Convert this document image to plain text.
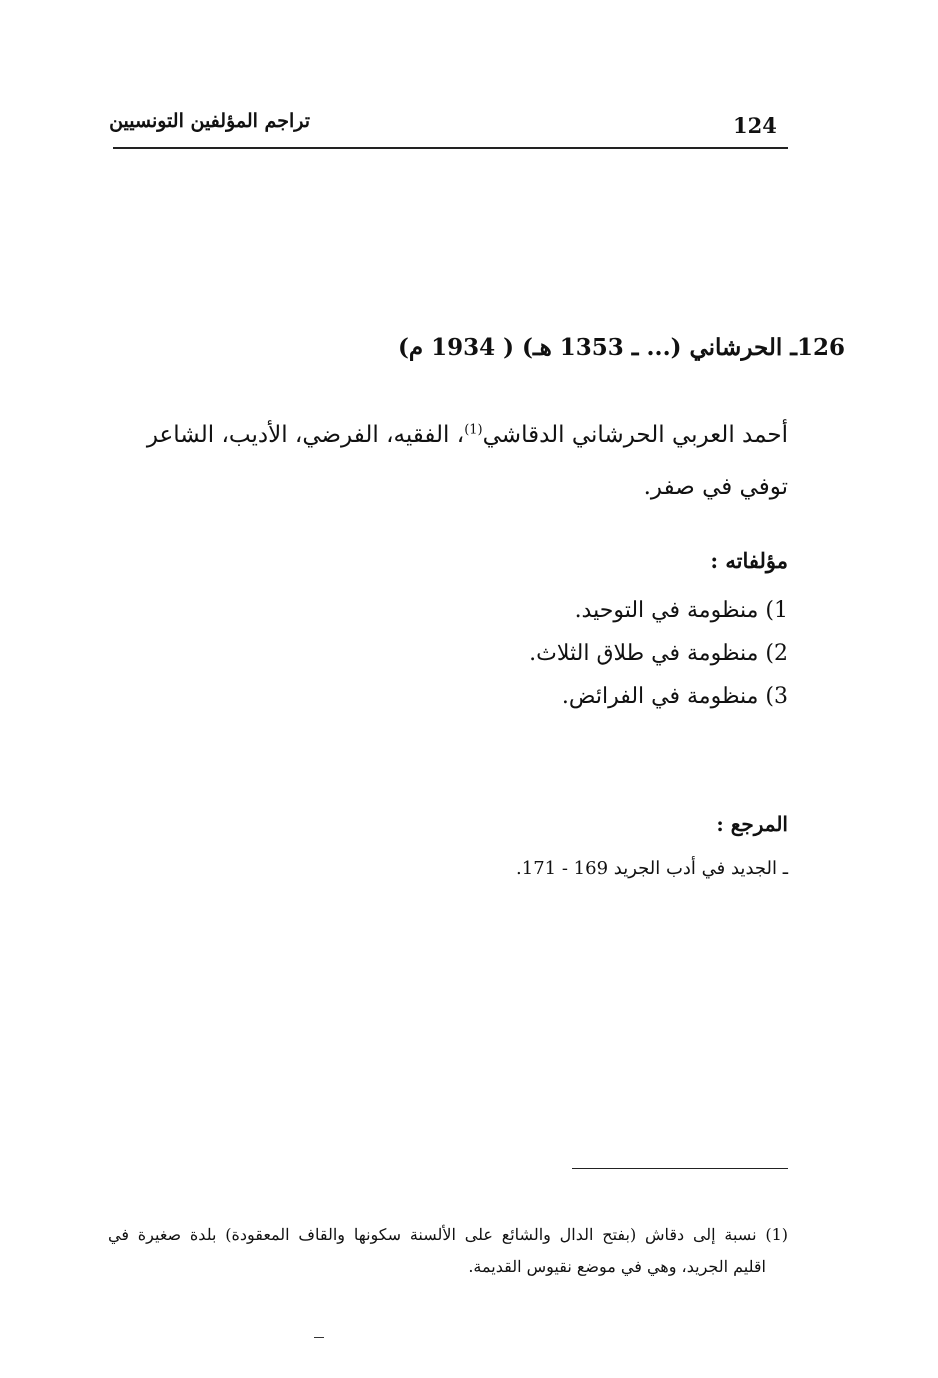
124
تراجم المؤلفين التونسيين
126
ـ الحرشاني (... ـ 1353 هـ) ( 1934 م)
أحمد العربي الحرشاني الدقاشي$^{(1)}$، الفقيه، الفرضي، الأديب، الشاعر
توفي في صفر.
مؤلفاته :
1) منظومة في التوحيد.
2) منظومة في طلاق الثلاث.
3) منظومة في الفرائض.
المرجع :
ـ الجديد في أدب الجريد 169 - 171.
(1) نسبة إلى دقاش (بفتح الدال والشائع على الألسنة سكونها والقاف المعقودة) بلدة صغيرة في
اقليم الجريد، وهي في موضع نقيوس القديمة.
